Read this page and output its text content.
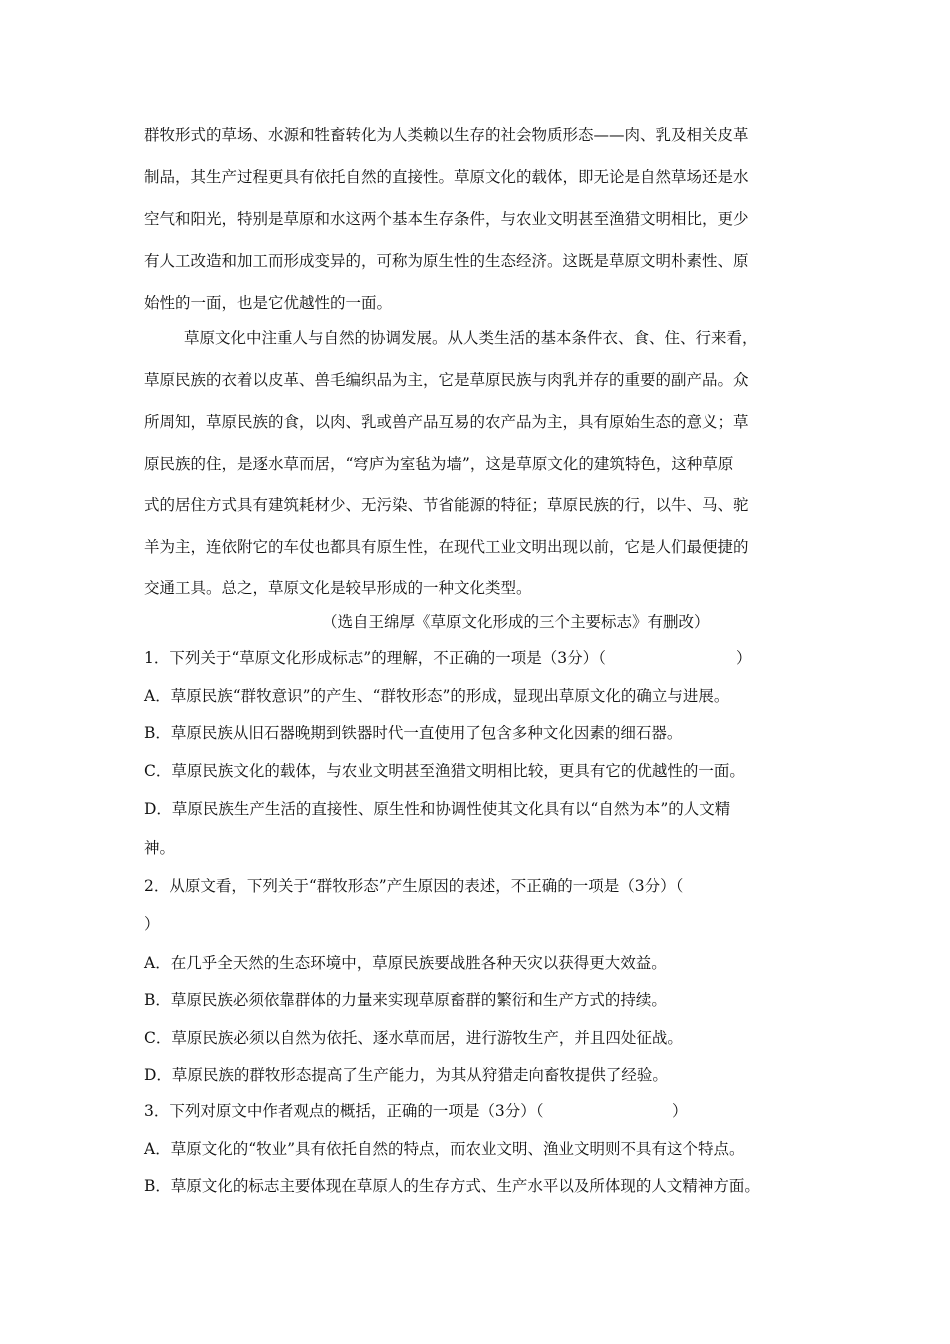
群牧形式的草场、水源和牲畜转化为人类赖以生存的社会物质形态——肉、乳及相关皮革
制品，其生产过程更具有依托自然的直接性。草原文化的载体，即无论是自然草场还是水
空气和阳光，特别是草原和水这两个基本生存条件，与农业文明甚至渔猎文明相比，更少
有人工改造和加工而形成变异的，可称为原生性的生态经济。这既是草原文明朴素性、原
始性的一面，也是它优越性的一面。
草原文化中注重人与自然的协调发展。从人类生活的基本条件衣、食、住、行来看，
草原民族的衣着以皮革、兽毛编织品为主，它是草原民族与肉乳并存的重要的副产品。众
所周知，草原民族的食，以肉、乳或兽产品互易的农产品为主，具有原始生态的意义；草
原民族的住，是逐水草而居，“穹庐为室毡为墙”，这是草原文化的建筑特色，这种草原
式的居住方式具有建筑耗材少、无污染、节省能源的特征；草原民族的行，以牛、马、驼
羊为主，连依附它的车仗也都具有原生性，在现代工业文明出现以前，它是人们最便捷的
交通工具。总之，草原文化是较早形成的一种文化类型。
（选自王绵厚《草原文化形成的三个主要标志》有删改）
1．下列关于“草原文化形成标志”的理解，不正确的一项是（3分）（	）
A．草原民族“群牧意识”的产生、“群牧形态”的形成，显现出草原文化的确立与进展。
B．草原民族从旧石器晚期到铁器时代一直使用了包含多种文化因素的细石器。
C．草原民族文化的载体，与农业文明甚至渔猎文明相比较，更具有它的优越性的一面。
D．草原民族生产生活的直接性、原生性和协调性使其文化具有以“自然为本”的人文精
神。
2．从原文看，下列关于“群牧形态”产生原因的表述，不正确的一项是（3分）（
）
A．在几乎全天然的生态环境中，草原民族要战胜各种天灾以获得更大效益。
B．草原民族必须依靠群体的力量来实现草原畜群的繁衍和生产方式的持续。
C．草原民族必须以自然为依托、逐水草而居，进行游牧生产，并且四处征战。
D．草原民族的群牧形态提高了生产能力，为其从狩猎走向畜牧提供了经验。
3．下列对原文中作者观点的概括，正确的一项是（3分）（	）
A．草原文化的“牧业”具有依托自然的特点，而农业文明、渔业文明则不具有这个特点。
B．草原文化的标志主要体现在草原人的生存方式、生产水平以及所体现的人文精神方面。
